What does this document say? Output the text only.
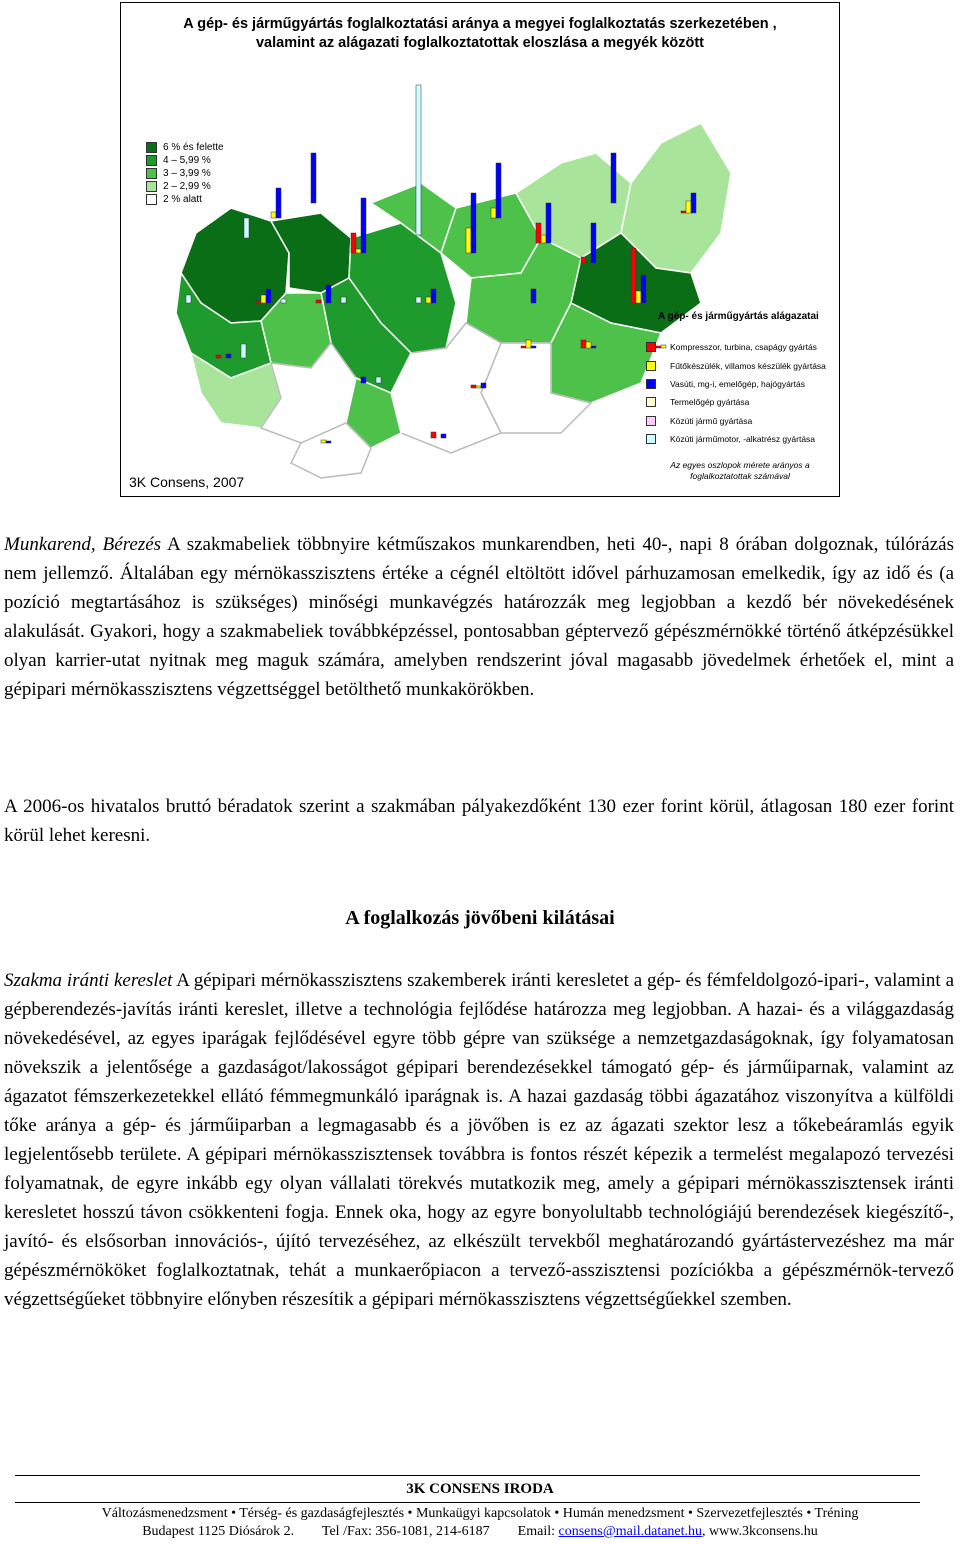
A gép- és járműgyártás foglalkoztatási aránya a megyei foglalkoztatás szerkezetében ,
valamint az alágazati foglalkoztatottak eloszlása a megyék között
6 % és felette
4 – 5,99 %
3 – 3,99 %
2 – 2,99 %
2 % alatt
A gép- és járműgyártás alágazatai
Kompresszor, turbina, csapágy gyártás
Fűtőkészülék, villamos készülék gyártása
Vasúti, mg-i, emelőgép, hajógyártás
Termelőgép gyártása
Közúti jármű gyártása
Közúti járműmotor, -alkatrész gyártása
Az egyes oszlopok mérete arányos a foglalkoztatottak számával
3K Consens, 2007

Munkarend, Bérezés A szakmabeliek többnyire kétműszakos munkarendben, heti 40-, napi 8 órában dolgoznak, túlórázás nem jellemző. Általában egy mérnökasszisztens értéke a cégnél eltöltött idővel párhuzamosan emelkedik, így az idő és (a pozíció megtartásához is szükséges) minőségi munkavégzés határozzák meg legjobban a kezdő bér növekedésének alakulását. Gyakori, hogy a szakmabeliek továbbképzéssel, pontosabban géptervező gépészmérnökké történő átképzésükkel olyan karrier-utat nyitnak meg maguk számára, amelyben rendszerint jóval magasabb jövedelmek érhetőek el, mint a gépipari mérnökasszisztens végzettséggel betölthető munkakörökben.

A 2006-os hivatalos bruttó béradatok szerint a szakmában pályakezdőként 130 ezer forint körül, átlagosan 180 ezer forint körül lehet keresni.

A foglalkozás jövőbeni kilátásai

Szakma iránti kereslet A gépipari mérnökasszisztens szakemberek iránti keresletet a gép- és fémfeldolgozó-ipari-, valamint a gépberendezés-javítás iránti kereslet, illetve a technológia fejlődése határozza meg legjobban. A hazai- és a világgazdaság növekedésével, az egyes iparágak fejlődésével egyre több gépre van szüksége a nemzetgazdaságoknak, így folyamatosan növekszik a jelentősége a gazdaságot/lakosságot gépipari berendezésekkel támogató gép- és járműiparnak, valamint az ágazatot fémszerkezetekkel ellátó fémmegmunkáló iparágnak is. A hazai gazdaság többi ágazatához viszonyítva a külföldi tőke aránya a gép- és járműiparban a legmagasabb és a jövőben is ez az ágazati szektor lesz a tőkebeáramlás egyik legjelentősebb területe. A gépipari mérnökasszisztensek továbbra is fontos részét képezik a termelést megalapozó tervezési folyamatnak, de egyre inkább egy olyan vállalati törekvés mutatkozik meg, amely a gépipari mérnökasszisztensek iránti keresletet hosszú távon csökkenteni fogja. Ennek oka, hogy az egyre bonyolultabb technológiájú berendezések kiegészítő-, javító- és elsősorban innovációs-, újító tervezéséhez, az elkészült tervekből meghatározandó gyártástervezéshez ma már gépészmérnököket foglalkoztatnak, tehát a munkaerőpiacon a tervező-asszisztensi pozíciókba a gépészmérnök-tervező végzettségűeket többnyire előnyben részesítik a gépipari mérnökasszisztens végzettségűekkel szemben.

3K CONSENS IRODA
Változásmenedzsment • Térség- és gazdaságfejlesztés • Munkaügyi kapcsolatok • Humán menedzsment • Szervezetfejlesztés • Tréning
Budapest 1125 Diósárok 2. Tel /Fax: 356-1081, 214-6187 Email: consens@mail.datanet.hu, www.3kconsens.hu
